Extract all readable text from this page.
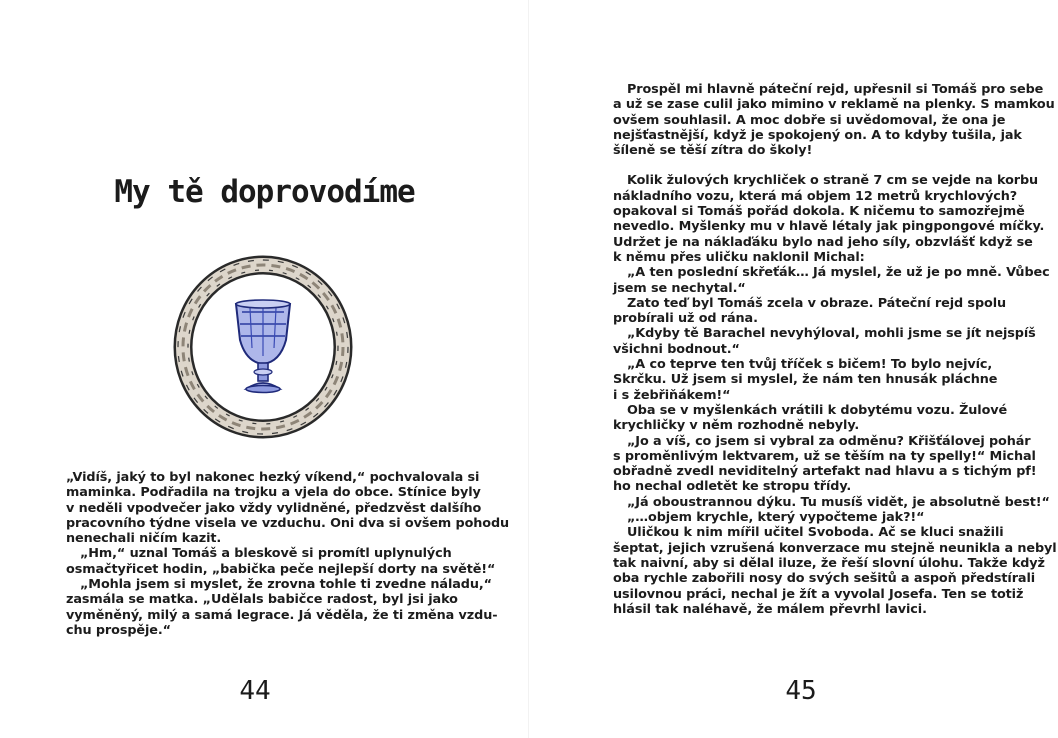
My tě doprovodíme

„Vidíš, jaký to byl nakonec hezký víkend,“ pochvalovala si
maminka. Podřadila na trojku a vjela do obce. Stínice byly
v neděli vpodvečer jako vždy vylidněné, předzvěst dalšího
pracovního týdne visela ve vzduchu. Oni dva si ovšem pohodu
nenechali ničím kazit.

„Hm,“ uznal Tomáš a bleskově si promítl uplynulých
osmačtyřicet hodin, „babička peče nejlepší dorty na světě!“

„Mohla jsem si myslet, že zrovna tohle ti zvedne náladu,“
zasmála se matka. „Udělals babičce radost, byl jsi jako
vyměněný, milý a samá legrace. Já věděla, že ti změna vzdu-
chu prospěje.“

44

Prospěl mi hlavně páteční rejd, upřesnil si Tomáš pro sebe
a už se zase culil jako mimino v reklamě na plenky. S mamkou
ovšem souhlasil. A moc dobře si uvědomoval, že ona je
nejšťastnější, když je spokojený on. A to kdyby tušila, jak
šíleně se těší zítra do školy!

Kolik žulových krychliček o straně 7 cm se vejde na korbu
nákladního vozu, která má objem 12 metrů krychlových?
opakoval si Tomáš pořád dokola. K ničemu to samozřejmě
nevedlo. Myšlenky mu v hlavě létaly jak pingpongové míčky.
Udržet je na náklaďáku bylo nad jeho síly, obzvlášť když se
k němu přes uličku naklonil Michal:

„A ten poslední skřeťák… Já myslel, že už je po mně. Vůbec
jsem se nechytal.“

Zato teď byl Tomáš zcela v obraze. Páteční rejd spolu
probírali už od rána.

„Kdyby tě Barachel nevyhýloval, mohli jsme se jít nejspíš
všichni bodnout.“

„A co teprve ten tvůj tříček s bičem! To bylo nejvíc,
Skrčku. Už jsem si myslel, že nám ten hnusák pláchne
i s žebřiňákem!“

Oba se v myšlenkách vrátili k dobytému vozu. Žulové
krychličky v něm rozhodně nebyly.

„Jo a víš, co jsem si vybral za odměnu? Křišťálovej pohár
s proměnlivým lektvarem, už se těším na ty spelly!“ Michal
obřadně zvedl neviditelný artefakt nad hlavu a s tichým pf!
ho nechal odletět ke stropu třídy.

„Já oboustrannou dýku. Tu musíš vidět, je absolutně best!“

„…objem krychle, který vypočteme jak?!“

Uličkou k nim mířil učitel Svoboda. Ač se kluci snažili
šeptat, jejich vzrušená konverzace mu stejně neunikla a nebyl
tak naivní, aby si dělal iluze, že řeší slovní úlohu. Takže když
oba rychle zabořili nosy do svých sešitů a aspoň předstírali
usilovnou práci, nechal je žít a vyvolal Josefa. Ten se totiž
hlásil tak naléhavě, že málem převrhl lavici.

45
